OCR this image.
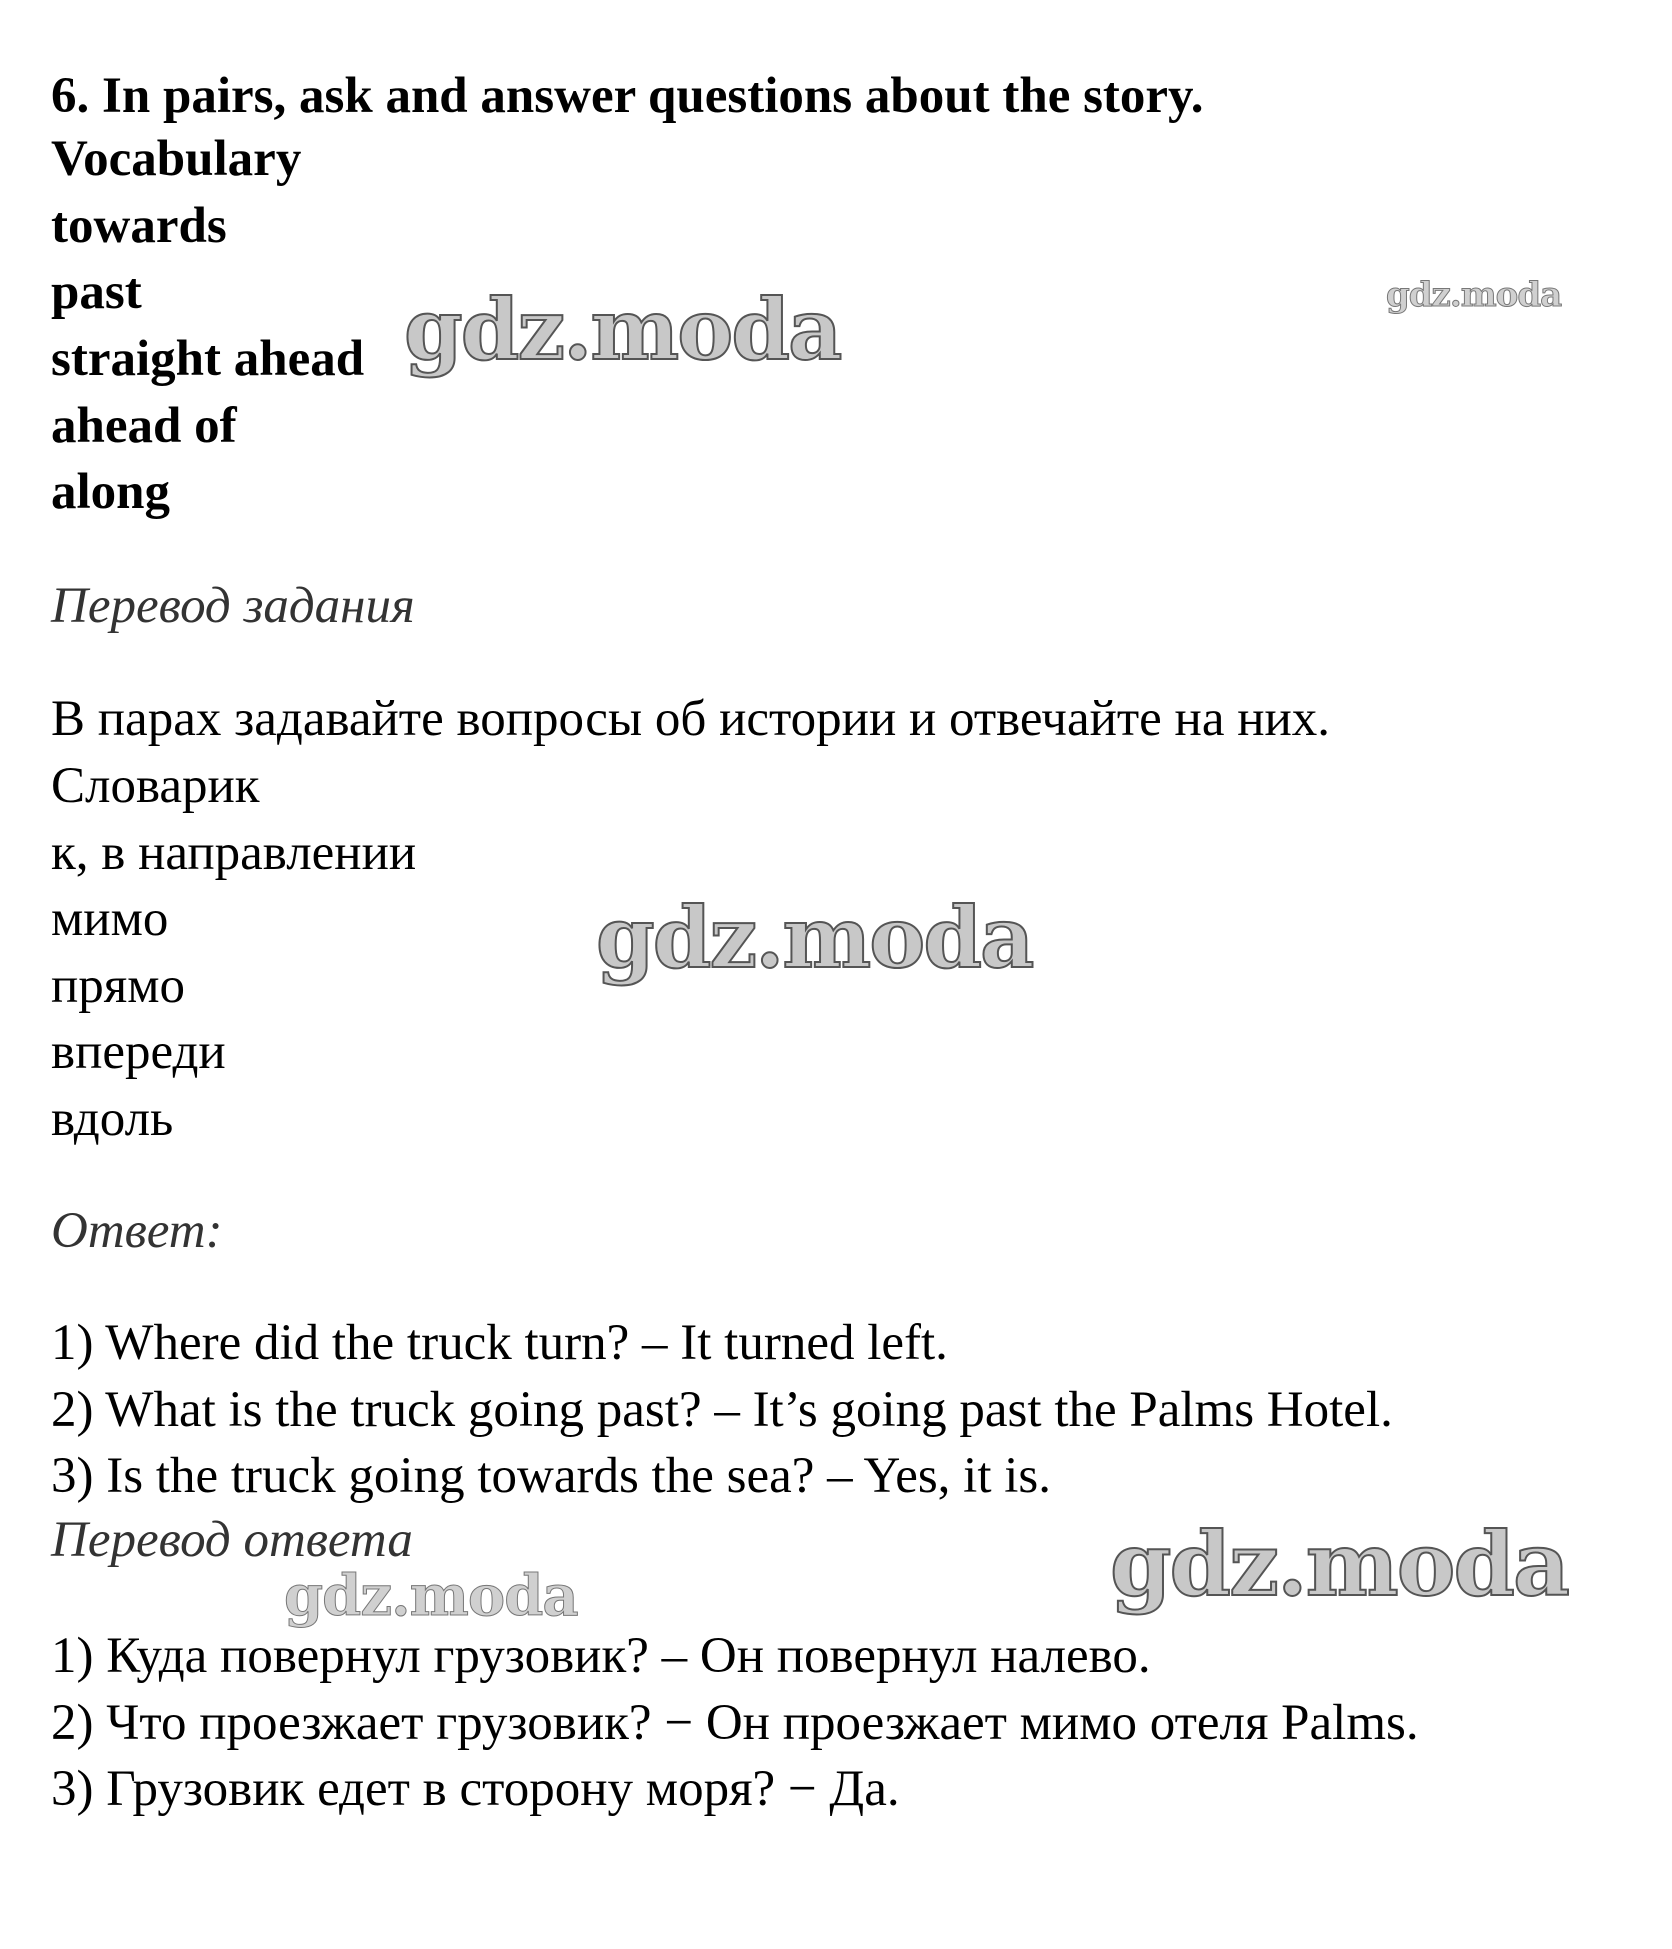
6. In pairs, ask and answer questions about the story.
Vocabulary
towards
past
straight ahead
ahead of
along
Перевод задания
В парах задавайте вопросы об истории и отвечайте на них.
Словарик
к, в направлении
мимо
прямо
впереди
вдоль
Ответ:
1) Where did the truck turn? – It turned left.
2) What is the truck going past? – It’s going past the Palms Hotel.
3) Is the truck going towards the sea? – Yes, it is.
Перевод ответа
1) Куда повернул грузовик? – Он повернул налево.
2) Что проезжает грузовик? − Он проезжает мимо отеля Palms.
3) Грузовик едет в сторону моря? − Да.
gdz.moda
gdz.moda
gdz.moda
gdz.moda
gdz.moda
